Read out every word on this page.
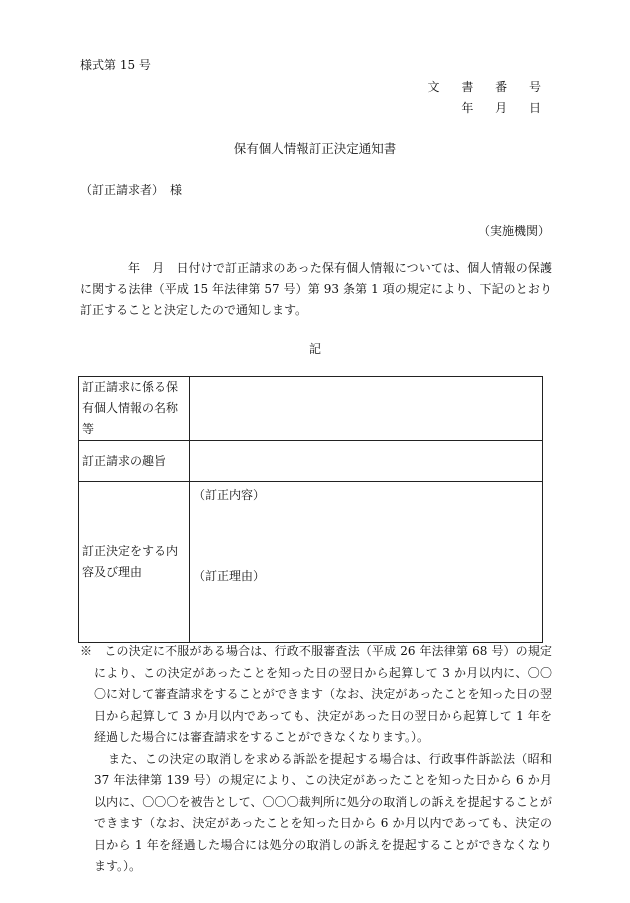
様式第 15 号
文 書 番 号
年 月 日
保有個人情報訂正決定通知書
（訂正請求者）　様
（実施機関）
年　月　日付けで訂正請求のあった保有個人情報については、個人情報の保護に関する法律（平成 15 年法律第 57 号）第 93 条第 1 項の規定により、下記のとおり訂正することと決定したので通知します。
記
訂正請求に係る保有個人情報の名称等	
訂正請求の趣旨	
訂正決定をする内容及び理由	（訂正内容）
（訂正理由）

※　この決定に不服がある場合は、行政不服審査法（平成 26 年法律第 68 号）の規定により、この決定があったことを知った日の翌日から起算して 3 か月以内に、〇〇〇に対して審査請求をすることができます（なお、決定があったことを知った日の翌日から起算して 3 か月以内であっても、決定があった日の翌日から起算して 1 年を経過した場合には審査請求をすることができなくなります。）。

また、この決定の取消しを求める訴訟を提起する場合は、行政事件訴訟法（昭和 37 年法律第 139 号）の規定により、この決定があったことを知った日から 6 か月以内に、〇〇〇を被告として、〇〇〇裁判所に処分の取消しの訴えを提起することができます（なお、決定があったことを知った日から 6 か月以内であっても、決定の日から 1 年を経過した場合には処分の取消しの訴えを提起することができなくなります。）。
